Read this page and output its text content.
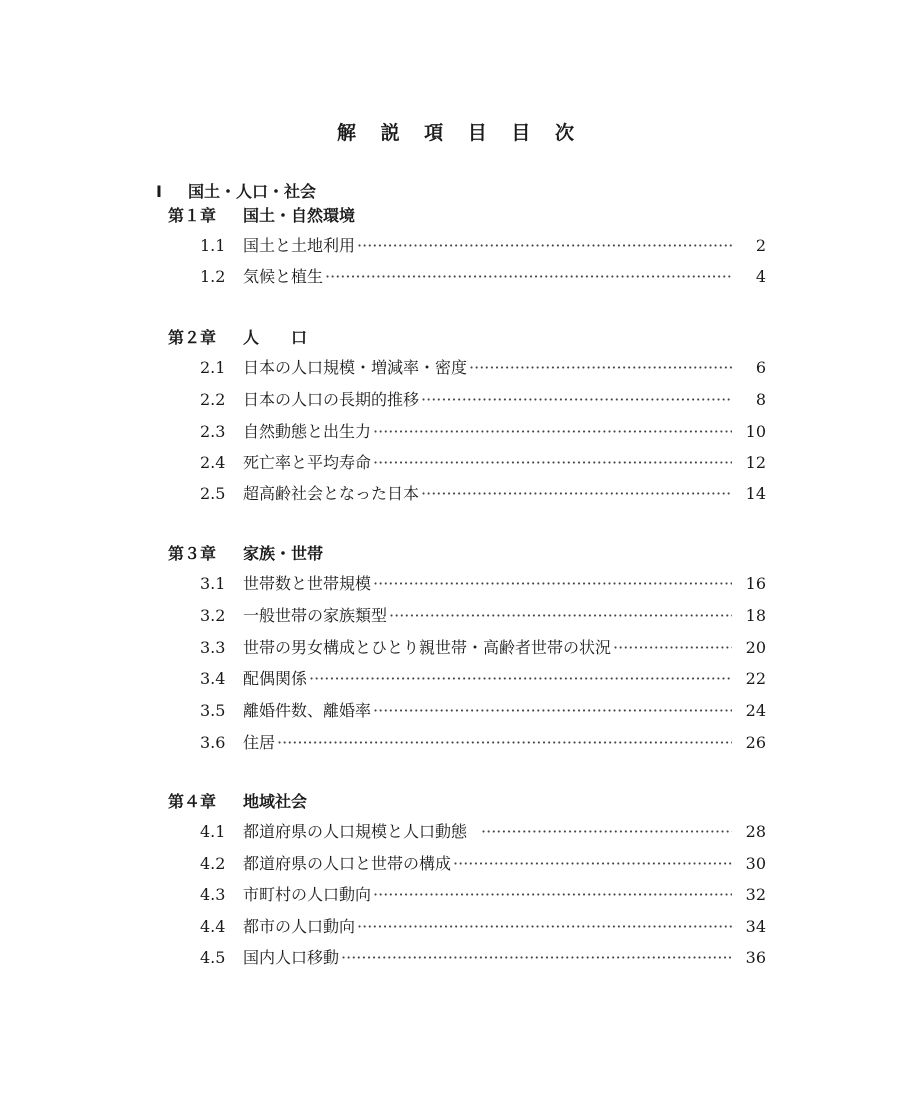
解 説 項 目 目 次
Ⅰ 国土・人口・社会
第１章 国土・自然環境
1.1	国土と土地利用 ·····	2
1.2	気候と植生 ·····	4
第２章 人　　口
2.1	日本の人口規模・増減率・密度 ·····	6
2.2	日本の人口の長期的推移 ·····	8
2.3	自然動態と出生力 ·····	10
2.4	死亡率と平均寿命 ·····	12
2.5	超高齢社会となった日本 ·····	14
第３章 家族・世帯
3.1	世帯数と世帯規模 ·····	16
3.2	一般世帯の家族類型 ·····	18
3.3	世帯の男女構成とひとり親世帯・高齢者世帯の状況 ·····	20
3.4	配偶関係 ·····	22
3.5	離婚件数、離婚率 ·····	24
3.6	住居 ·····	26
第４章 地域社会
4.1	都道府県の人口規模と人口動態 ·····	28
4.2	都道府県の人口と世帯の構成 ·····	30
4.3	市町村の人口動向 ·····	32
4.4	都市の人口動向 ·····	34
4.5	国内人口移動 ·····	36
